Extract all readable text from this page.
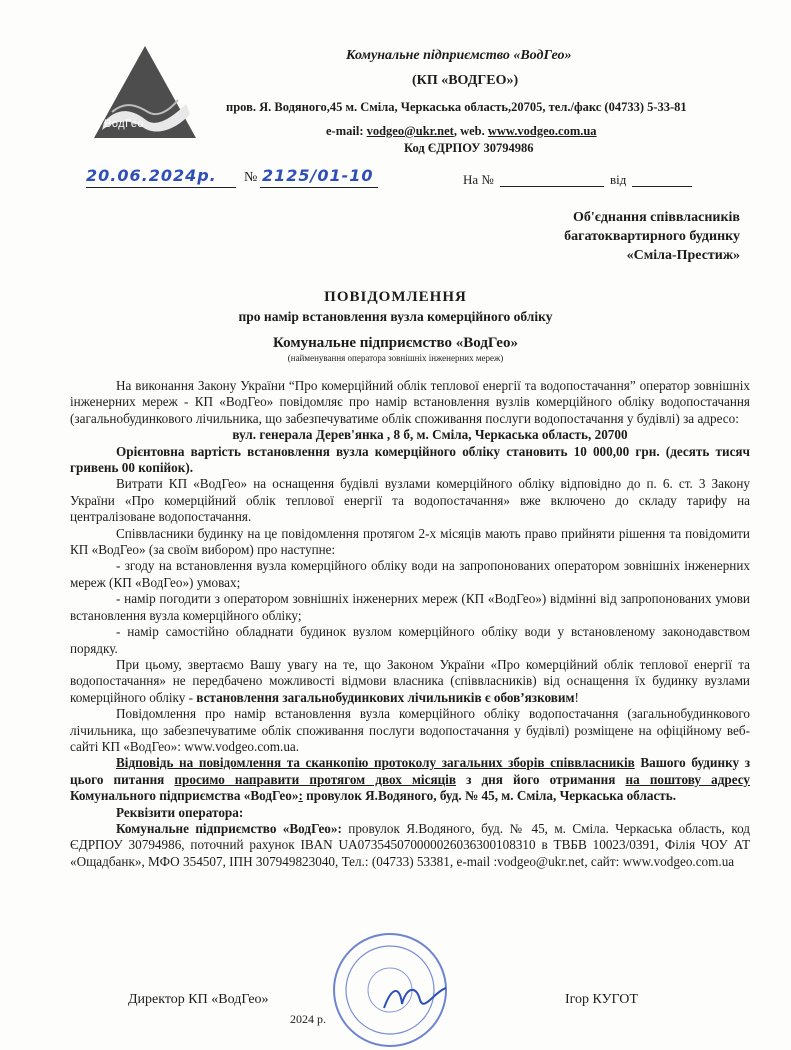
ВодГео
Комунальне підприємство «ВодГео»
(КП «ВОДГЕО»)
пров. Я. Водяного,45 м. Сміла, Черкаська область,20705, тел./факс (04733) 5-33-81
e-mail: vodgeo@ukr.net, web. www.vodgeo.com.ua
Код ЄДРПОУ 30794986
20.06.2024р. № 2125/01-10	На №	від
Об'єднання співвласників
багатоквартирного будинку
«Сміла-Престиж»
ПОВІДОМЛЕННЯ
про намір встановлення вузла комерційного обліку
Комунальне підприємство «ВодГео»
(найменування оператора зовнішніх інженерних мереж)

На виконання Закону України “Про комерційний облік теплової енергії та водопостачання” оператор зовнішніх інженерних мереж - КП «ВодГео» повідомляє про намір встановлення вузлів комерційного обліку водопостачання (загальнобудинкового лічильника, що забезпечуватиме облік споживання послуги водопостачання у будівлі) за адресо:

вул. генерала Дерев'янка , 8 б, м. Сміла, Черкаська область, 20700

Орієнтовна вартість встановлення вузла комерційного обліку становить 10 000,00 грн. (десять тисяч гривень 00 копійок).

Витрати КП «ВодГео» на оснащення будівлі вузлами комерційного обліку відповідно до п. 6. ст. 3 Закону України «Про комерційний облік теплової енергії та водопостачання» вже включено до складу тарифу на централізоване водопостачання.

Співвласники будинку на це повідомлення протягом 2-х місяців мають право прийняти рішення та повідомити КП «ВодГео» (за своїм вибором) про наступне:

- згоду на встановлення вузла комерційного обліку води на запропонованих оператором зовнішніх інженерних мереж (КП «ВодГео») умовах;

- намір погодити з оператором зовнішніх інженерних мереж (КП «ВодГео») відмінні від запропонованих умови встановлення вузла комерційного обліку;

- намір самостійно обладнати будинок вузлом комерційного обліку води у встановленому законодавством порядку.

При цьому, звертаємо Вашу увагу на те, що Законом України «Про комерційний облік теплової енергії та водопостачання» не передбачено можливості відмови власника (співвласників) від оснащення їх будинку вузлами комерційного обліку - встановлення загальнобудинкових лічильників є обов’язковим!

Повідомлення про намір встановлення вузла комерційного обліку водопостачання (загальнобудинкового лічильника, що забезпечуватиме облік споживання послуги водопостачання у будівлі) розміщене на офіційному веб-сайті КП «ВодГео»: www.vodgeo.com.ua.

Відповідь на повідомлення та сканкопію протоколу загальних зборів співвласників Вашого будинку з цього питання просимо направити протягом двох місяців з дня його отримання на поштову адресу Комунального підприємства «ВодГео»: провулок Я.Водяного, буд. № 45, м. Сміла, Черкаська область.

Реквізити оператора:

Комунальне підприємство «ВодГео»: провулок Я.Водяного, буд. № 45, м. Сміла. Черкаська область, код ЄДРПОУ 30794986, поточний рахунок IBAN UA073545070000026036300108310 в ТВБВ 10023/0391, Філія ЧОУ АТ «Ощадбанк», МФО 354507, ІПН 307949823040, Тел.: (04733) 53381, e-mail :vodgeo@ukr.net, сайт: www.vodgeo.com.ua

Директор КП «ВодГео»	Ігор КУГОТ
2024 р.
